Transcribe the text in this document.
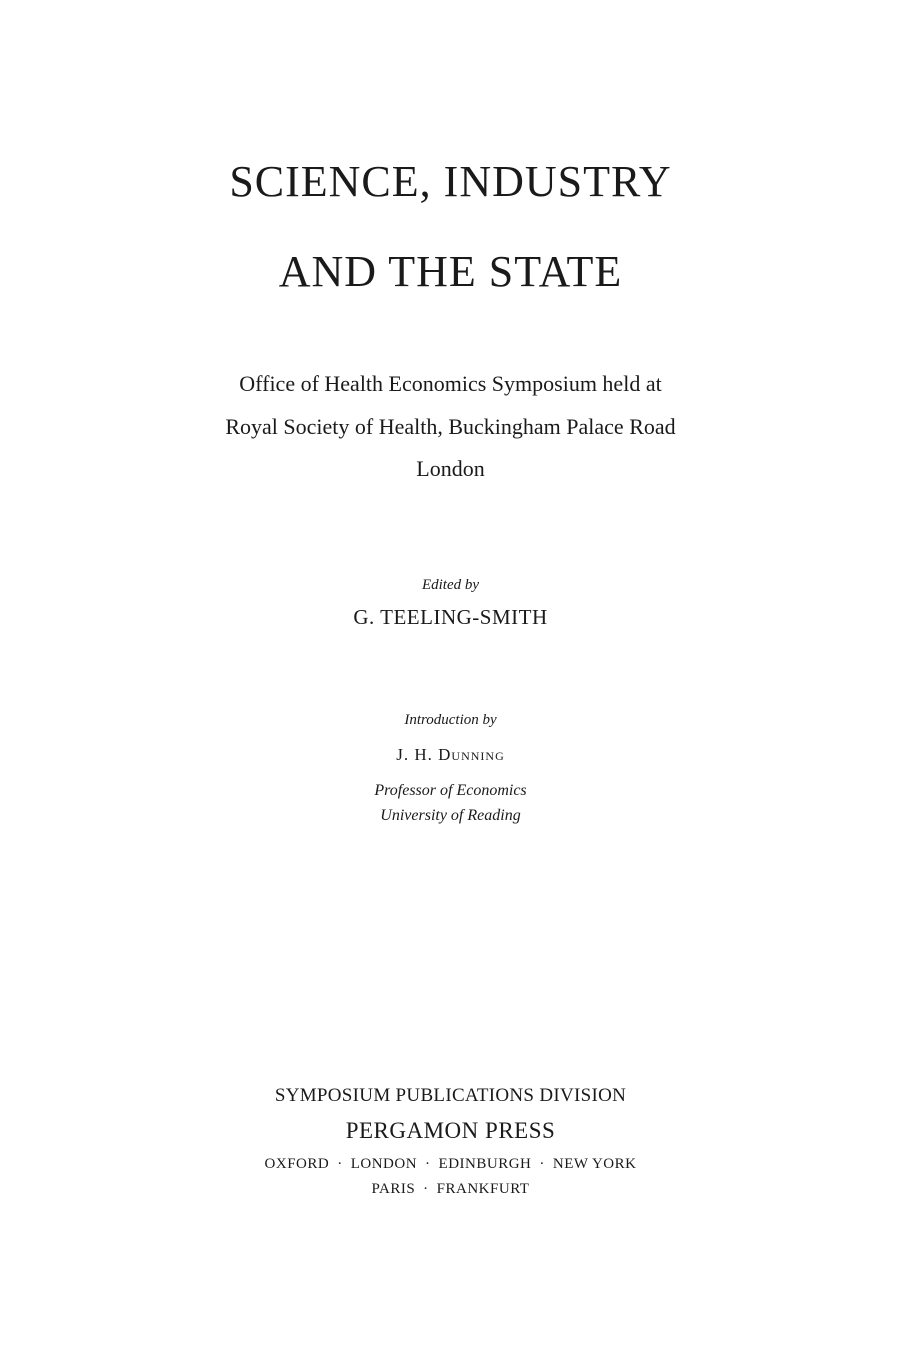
SCIENCE, INDUSTRY
AND THE STATE
Office of Health Economics Symposium held at
Royal Society of Health, Buckingham Palace Road
London
Edited by
G. TEELING-SMITH
Introduction by
J. H. Dunning
Professor of Economics
University of Reading
SYMPOSIUM PUBLICATIONS DIVISION
PERGAMON PRESS
OXFORD · LONDON · EDINBURGH · NEW YORK
PARIS · FRANKFURT
